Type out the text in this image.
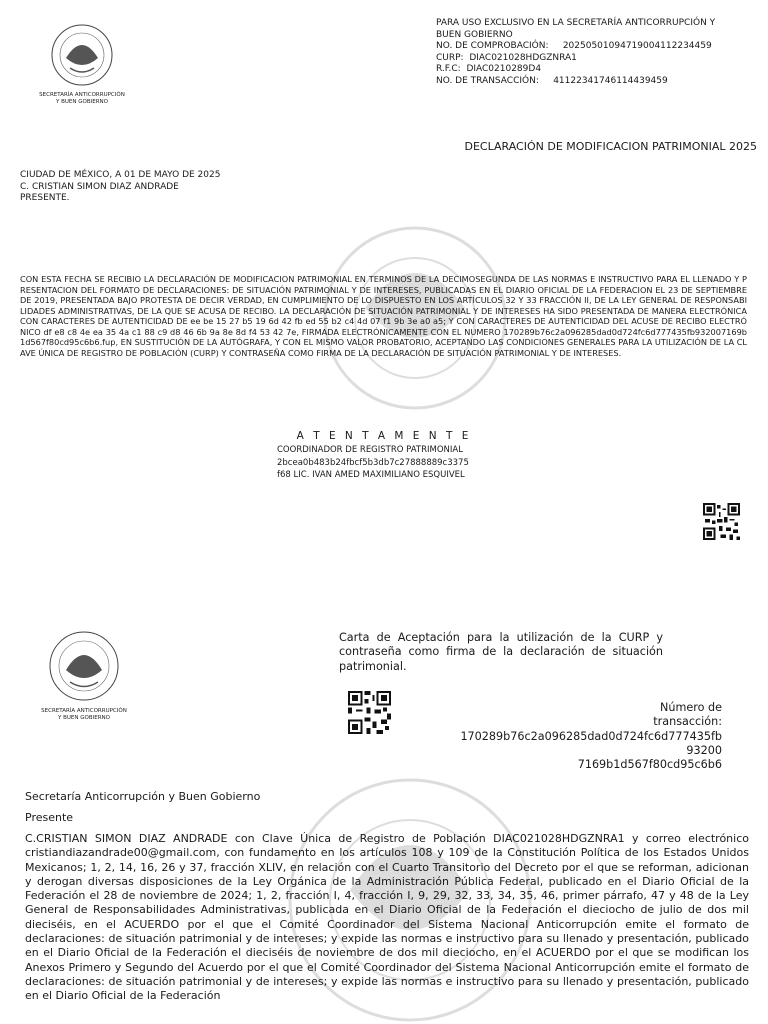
SECRETARÍA ANTICORRUPCIÓN
Y BUEN GOBIERNO
PARA USO EXCLUSIVO EN LA SECRETARÍA ANTICORRUPCIÓN Y
BUEN GOBIERNO
NO. DE COMPROBACIÓN: 20250501094719004112234459
CURP: DIAC021028HDGZNRA1
R.F.C: DIAC0210289D4
NO. DE TRANSACCIÓN: 41122341746114439459
DECLARACIÓN DE MODIFICACION PATRIMONIAL 2025
CIUDAD DE MÉXICO, A 01 DE MAYO DE 2025
C. CRISTIAN SIMON DIAZ ANDRADE
PRESENTE.
CON ESTA FECHA SE RECIBIO LA DECLARACIÓN DE MODIFICACION PATRIMONIAL EN TERMINOS DE LA DECIMOSEGUNDA DE LAS NORMAS E INSTRUCTIVO PARA EL LLENADO Y PRESENTACION DEL FORMATO DE DECLARACIONES: DE SITUACIÓN PATRIMONIAL Y DE INTERESES, PUBLICADAS EN EL DIARIO OFICIAL DE LA FEDERACION EL 23 DE SEPTIEMBRE DE 2019, PRESENTADA BAJO PROTESTA DE DECIR VERDAD, EN CUMPLIMIENTO DE LO DISPUESTO EN LOS ARTÍCULOS 32 Y 33 FRACCIÓN II, DE LA LEY GENERAL DE RESPONSABILIDADES ADMINISTRATIVAS, DE LA QUE SE ACUSA DE RECIBO. LA DECLARACIÓN DE SITUACIÓN PATRIMONIAL Y DE INTERESES HA SIDO PRESENTADA DE MANERA ELECTRÓNICA CON CARACTERES DE AUTENTICIDAD DE ee be 15 27 b5 19 6d 42 fb ed 55 b2 c4 4d 07 f1 9b 3e a0 a5; Y CON CARACTERES DE AUTENTICIDAD DEL ACUSE DE RECIBO ELECTRÓNICO df e8 c8 4e ea 35 4a c1 88 c9 d8 46 6b 9a 8e 8d f4 53 42 7e, FIRMADA ELECTRÓNICAMENTE CON EL NUMERO 170289b76c2a096285dad0d724fc6d777435fb932007169b1d567f80cd95c6b6.fup, EN SUSTITUCIÓN DE LA AUTÓGRAFA, Y CON EL MISMO VALOR PROBATORIO, ACEPTANDO LAS CONDICIONES GENERALES PARA LA UTILIZACIÓN DE LA CLAVE ÚNICA DE REGISTRO DE POBLACIÓN (CURP) Y CONTRASEÑA COMO FIRMA DE LA DECLARACIÓN DE SITUACIÓN PATRIMONIAL Y DE INTERESES.
A T E N T A M E N T E
COORDINADOR DE REGISTRO PATRIMONIAL
2bcea0b483b24fbcf5b3db7c27888889c3375
f68 LIC. IVAN AMED MAXIMILIANO ESQUIVEL
SECRETARÍA ANTICORRUPCIÓN
Y BUEN GOBIERNO
Carta de Aceptación para la utilización de la CURP y contraseña como firma de la declaración de situación patrimonial.
Número de
transacción:
170289b76c2a096285dad0d724fc6d777435fb
93200
7169b1d567f80cd95c6b6
Secretaría Anticorrupción y Buen Gobierno
Presente
C.CRISTIAN SIMON DIAZ ANDRADE con Clave Única de Registro de Población DIAC021028HDGZNRA1 y correo electrónico cristiandiazandrade00@gmail.com, con fundamento en los artículos 108 y 109 de la Constitución Política de los Estados Unidos Mexicanos; 1, 2, 14, 16, 26 y 37, fracción XLIV, en relación con el Cuarto Transitorio del Decreto por el que se reforman, adicionan y derogan diversas disposiciones de la Ley Orgánica de la Administración Pública Federal, publicado en el Diario Oficial de la Federación el 28 de noviembre de 2024; 1, 2, fracción I, 4, fracción I, 9, 29, 32, 33, 34, 35, 46, primer párrafo, 47 y 48 de la Ley General de Responsabilidades Administrativas, publicada en el Diario Oficial de la Federación el dieciocho de julio de dos mil dieciséis, en el ACUERDO por el que el Comité Coordinador del Sistema Nacional Anticorrupción emite el formato de declaraciones: de situación patrimonial y de intereses; y expide las normas e instructivo para su llenado y presentación, publicado en el Diario Oficial de la Federación el dieciséis de noviembre de dos mil dieciocho, en el ACUERDO por el que se modifican los Anexos Primero y Segundo del Acuerdo por el que el Comité Coordinador del Sistema Nacional Anticorrupción emite el formato de declaraciones: de situación patrimonial y de intereses; y expide las normas e instructivo para su llenado y presentación, publicado en el Diario Oficial de la Federación
